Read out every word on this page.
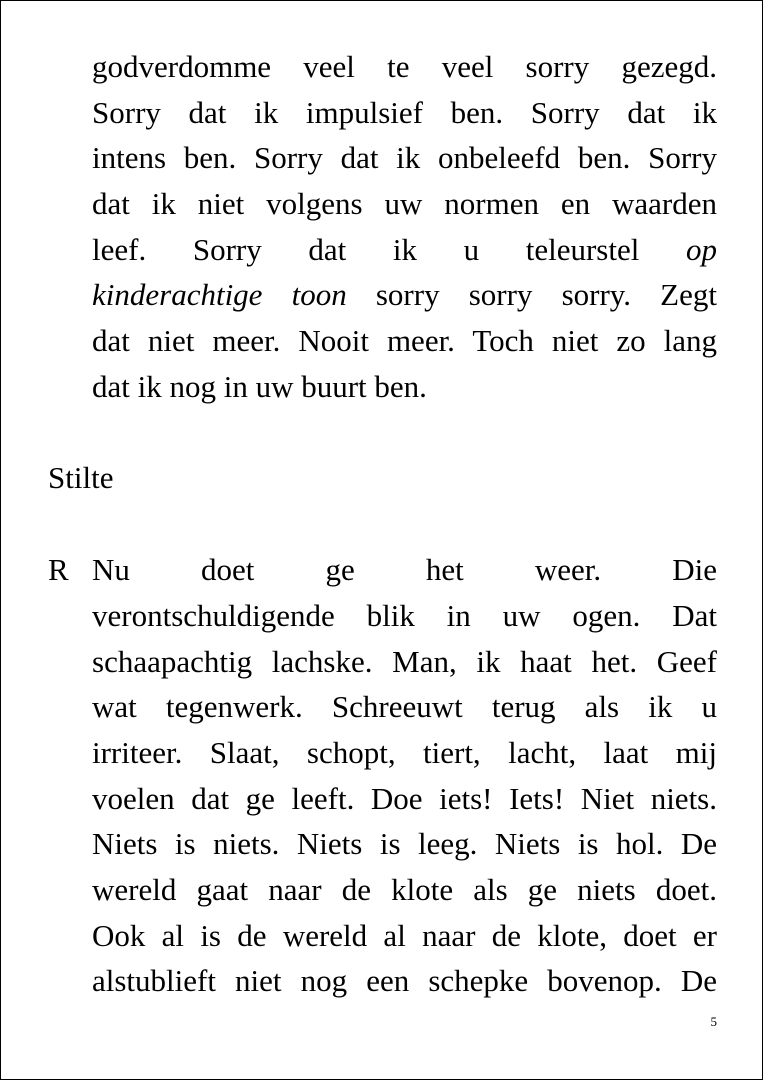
godverdomme veel te veel sorry gezegd.
Sorry dat ik impulsief ben. Sorry dat ik
intens ben. Sorry dat ik onbeleefd ben. Sorry
dat ik niet volgens uw normen en waarden
leef. Sorry dat ik u teleurstel op
kinderachtige toon sorry sorry sorry. Zegt
dat niet meer. Nooit meer. Toch niet zo lang
dat ik nog in uw buurt ben.
Stilte
R Nu doet ge het weer. Die
verontschuldigende blik in uw ogen. Dat
schaapachtig lachske. Man, ik haat het. Geef
wat tegenwerk. Schreeuwt terug als ik u
irriteer. Slaat, schopt, tiert, lacht, laat mij
voelen dat ge leeft. Doe iets! Iets! Niet niets.
Niets is niets. Niets is leeg. Niets is hol. De
wereld gaat naar de klote als ge niets doet.
Ook al is de wereld al naar de klote, doet er
alstublieft niet nog een schepke bovenop. De
5
